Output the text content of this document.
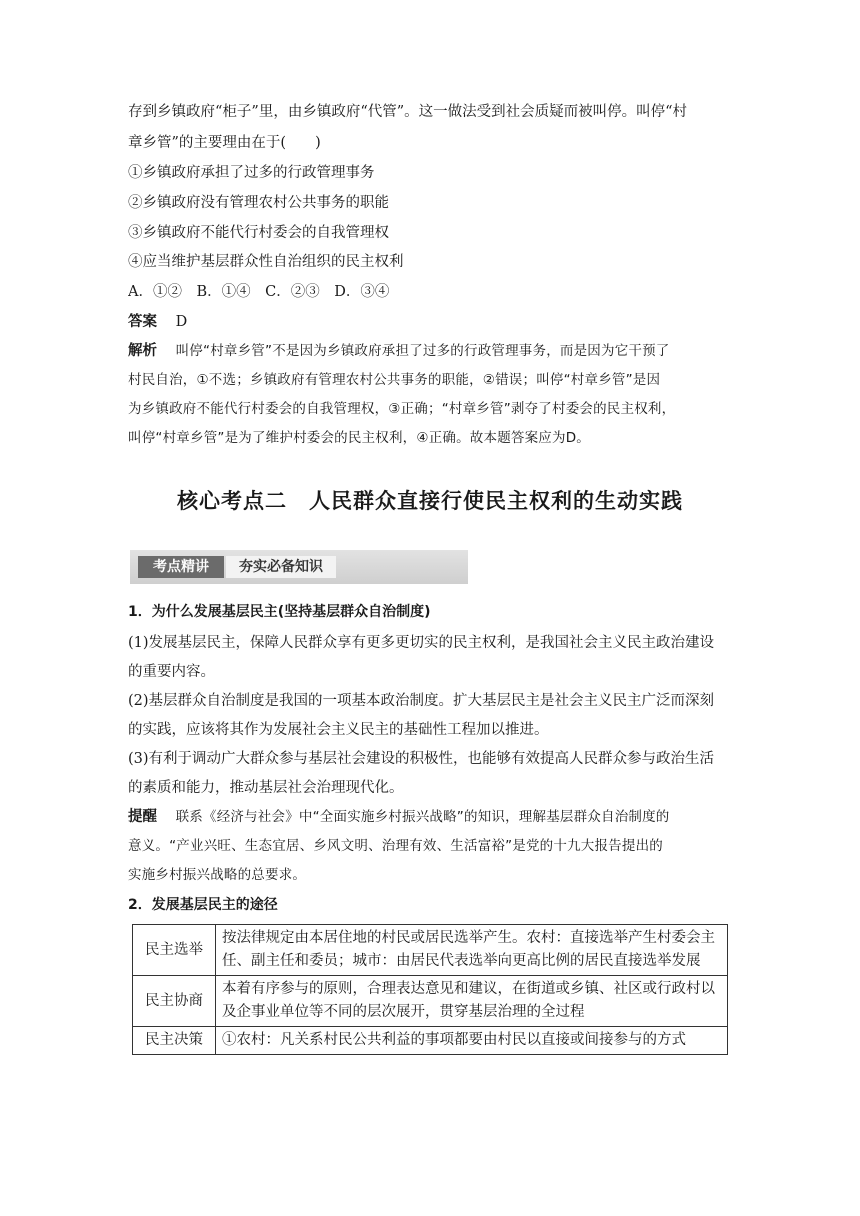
存到乡镇政府“柜子”里，由乡镇政府“代管”。这一做法受到社会质疑而被叫停。叫停“村
章乡管”的主要理由在于(　　)
①乡镇政府承担了过多的行政管理事务
②乡镇政府没有管理农村公共事务的职能
③乡镇政府不能代行村委会的自我管理权
④应当维护基层群众性自治组织的民主权利
A．①②　B．①④　C．②③　D．③④
答案 D
解析 叫停“村章乡管”不是因为乡镇政府承担了过多的行政管理事务，而是因为它干预了
村民自治，①不选；乡镇政府有管理农村公共事务的职能，②错误；叫停“村章乡管”是因
为乡镇政府不能代行村委会的自我管理权，③正确；“村章乡管”剥夺了村委会的民主权利，
叫停“村章乡管”是为了维护村委会的民主权利，④正确。故本题答案应为D。
核心考点二　人民群众直接行使民主权利的生动实践
考点精讲	夯实必备知识
1．为什么发展基层民主(坚持基层群众自治制度)
(1)发展基层民主，保障人民群众享有更多更切实的民主权利，是我国社会主义民主政治建设
的重要内容。
(2)基层群众自治制度是我国的一项基本政治制度。扩大基层民主是社会主义民主广泛而深刻
的实践，应该将其作为发展社会主义民主的基础性工程加以推进。
(3)有利于调动广大群众参与基层社会建设的积极性，也能够有效提高人民群众参与政治生活
的素质和能力，推动基层社会治理现代化。
提醒 联系《经济与社会》中“全面实施乡村振兴战略”的知识，理解基层群众自治制度的
意义。“产业兴旺、生态宜居、乡风文明、治理有效、生活富裕”是党的十九大报告提出的
实施乡村振兴战略的总要求。
2．发展基层民主的途径
民主选举	按法律规定由本居住地的村民或居民选举产生。农村：直接选举产生村委会主任、副主任和委员；城市：由居民代表选举向更高比例的居民直接选举发展
民主协商	本着有序参与的原则，合理表达意见和建议，在街道或乡镇、社区或行政村以及企事业单位等不同的层次展开，贯穿基层治理的全过程
民主决策	①农村：凡关系村民公共利益的事项都要由村民以直接或间接参与的方式
